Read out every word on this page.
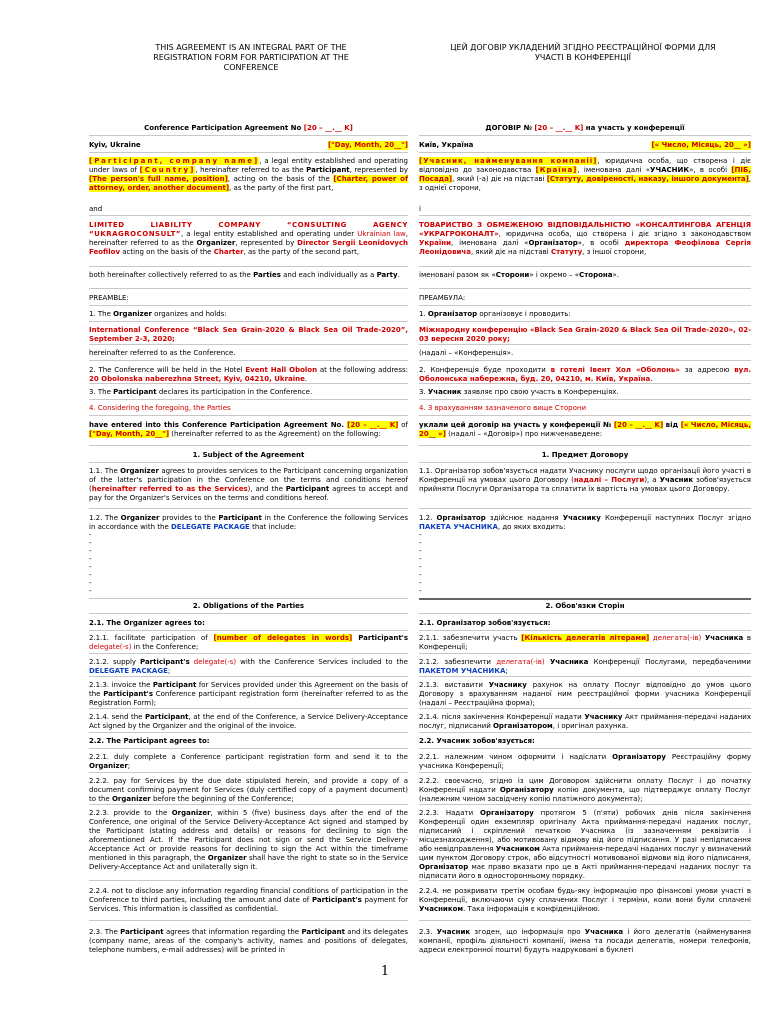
THIS AGREEMENT IS AN INTEGRAL PART OF THE REGISTRATION FORM FOR PARTICIPATION AT THE CONFERENCE
ЦЕЙ ДОГОВІР УКЛАДЕНИЙ ЗГІДНО РЕЄСТРАЦІЙНОЇ ФОРМИ ДЛЯ УЧАСТІ В КОНФЕРЕНЦІЇ
Conference Participation Agreement No [20 – __.__ K]
Kyiv, Ukraine	["Day, Month, 20__"]
[Participant, company name], a legal entity established and operating under laws of [Country], hereinafter referred to as the Participant, represented by [The person's full name, position], acting on the basis of the [Charter, power of attorney, order, another document], as the party of the first part,
and
LIMITED LIABILITY COMPANY “CONSULTING AGENCY “UKRAGROCONSULT”, a legal entity established and operating under Ukrainian law, hereinafter referred to as the Organizer, represented by Director Sergii Leonidovych Feofilov acting on the basis of the Charter, as the party of the second part,
both hereinafter collectively referred to as the Parties and each individually as a Party.
PREAMBLE:
1. The Organizer organizes and holds:
International Conference “Black Sea Grain-2020 & Black Sea Oil Trade-2020”, September 2-3, 2020;
hereinafter referred to as the Conference.
2. The Conference will be held in the Hotel Event Hall Obolon at the following address: 20 Obolonska naberezhna Street, Kyiv, 04210, Ukraine.
3. The Participant declares its participation in the Conference.
4. Considering the foregoing, the Parties
have entered into this Conference Participation Agreement No. [20 – __.__ K] of ["Day, Month, 20__"] (hereinafter referred to as the Agreement) on the following:
1. Subject of the Agreement
1.1. The Organizer agrees to provides services to the Participant concerning organization of the latter's participation in the Conference on the terms and conditions hereof (hereinafter referred to as the Services), and the Participant agrees to accept and pay for the Organizer's Services on the terms and conditions hereof.
1.2. The Organizer provides to the Participant in the Conference the following Services in accordance with the DELEGATE PACKAGE that include:
-
-
-
-
-
-
-
-
2. Obligations of the Parties
2.1. The Organizer agrees to:
2.1.1. facilitate participation of [number of delegates in words] Participant's delegate(-s) in the Conference;
2.1.2. supply Participant's delegate(-s) with the Conference Services included to the DELEGATE PACKAGE;
2.1.3. invoice the Participant for Services provided under this Agreement on the basis of the Participant's Conference participant registration form (hereinafter referred to as the Registration Form);
2.1.4. send the Participant, at the end of the Conference, a Service Delivery-Acceptance Act signed by the Organizer and the original of the invoice.
2.2. The Participant agrees to:
2.2.1. duly complete a Conference participant registration form and send it to the Organizer;
2.2.2. pay for Services by the due date stipulated herein, and provide a copy of a document confirming payment for Services (duly certified copy of a payment document) to the Organizer before the beginning of the Conference;
2.2.3. provide to the Organizer, within 5 (five) business days after the end of the Conference, one original of the Service Delivery-Acceptance Act signed and stamped by the Participant (stating address and details) or reasons for declining to sign the aforementioned Act. If the Participant does not sign or send the Service Delivery-Acceptance Act or provide reasons for declining to sign the Act within the timeframe mentioned in this paragraph, the Organizer shall have the right to state so in the Service Delivery-Acceptance Act and unilaterally sign it.
2.2.4. not to disclose any information regarding financial conditions of participation in the Conference to third parties, including the amount and date of Participant's payment for Services. This information is classified as confidential.
2.3. The Participant agrees that information regarding the Participant and its delegates (company name, areas of the company's activity, names and positions of delegates, telephone numbers, e-mail addresses) will be printed in
ДОГОВІР № [20 – __.__ K] на участь у конференції
Київ, Україна	[« Число, Місяць, 20__ »]
[Учасник, найменування компанії], юридична особа, що створена і діє відповідно до законодавства [Країна], іменована далі «УЧАСНИК», в особі [ПІБ, Посада], який (-а) діє на підставі [Статуту, довіреності, наказу, іншого документа], з однієї сторони,
і
ТОВАРИСТВО З ОБМЕЖЕНОЮ ВІДПОВІДАЛЬНІСТЮ «КОНСАЛТИНГОВА АГЕНЦІЯ «УКРАГРОКОНАЛТ», юридична особа, що створена і діє згідно з законодавством України, іменована далі «Організатор», в особі директора Феофілова Сергія Леонідовича, який діє на підставі Статуту, з іншої сторони,
іменовані разом як «Сторони» і окремо – «Сторона».
ПРЕАМБУЛА:
1. Організатор організовує і проводить:
Міжнародну конференцію «Black Sea Grain-2020 & Black Sea Oil Trade-2020», 02-03 вересня 2020 року;
(надалі – «Конференція».
2. Конференція буде проходити в готелі Івент Хол «Оболонь» за адресою вул. Оболонська набережна, буд. 20, 04210, м. Київ, Україна.
3. Учасник заявляє про свою участь в Конференціях.
4. З врахуванням зазначеного вище Сторони
уклали цей договір на участь у конференції № [20 – __.__ K] від [« Число, Місяць, 20__ »] (надалі – «Договір») про нижченаведене:
1. Предмет Договору
1.1. Організатор зобов'язується надати Учаснику послуги щодо організації його участі в Конференції на умовах цього Договору (надалі – Послуги), а Учасник зобов'язується прийняти Послуги Організатора та сплатити їх вартість на умовах цього Договору.
1.2. Організатор здійснює надання Учаснику Конференції наступних Послуг згідно ПАКЕТА УЧАСНИКА, до яких входить:
-
-
-
-
-
-
-
-
2. Обов'язки Сторін
2.1. Організатор зобов'язується:
2.1.1. забезпечити участь [Кількість делегатів літерами] делегата(-ів) Учасника в Конференції;
2.1.2. забезпечити делегата(-ів) Учасника Конференції Послугами, передбаченими ПАКЕТОМ УЧАСНИКА;
2.1.3. виставити Учаснику рахунок на оплату Послуг відповідно до умов цього Договору з врахуванням наданої ним реєстраційної форми учасника Конференції (надалі – Реєстраційна форма);
2.1.4. після закінчення Конференції надати Учаснику Акт приймання-передачі наданих послуг, підписаний Організатором, і оригінал рахунка.
2.2. Учасник зобов'язується:
2.2.1. належним чином оформити і надіслати Організатору Реєстраційну форму учасника Конференції;
2.2.2. своєчасно, згідно із цим Договором здійснити оплату Послуг і до початку Конференції надати Організатору копію документа, що підтверджує оплату Послуг (належним чином засвідчену копію платіжного документа);
2.2.3. Надати Організатору протягом 5 (п'яти) робочих днів після закінчення Конференції один екземпляр оригіналу Акта приймання-передачі наданих послуг, підписаний і скріплений печаткою Учасника (із зазначенням реквізитів і місцезнаходження), або мотивовану відмову від його підписання. У разі непідписання або невідправлення Учасником Акта приймання-передачі наданих послуг у визначений цим пунктом Договору строк, або відсутності мотивованої відмови від його підписання, Організатор має право вказати про це в Акті приймання-передачі наданих послуг та підписати його в односторонньому порядку.
2.2.4. не розкривати третім особам будь-яку інформацію про фінансові умови участі в Конференції, включаючи суму сплачених Послуг і терміни, коли вони були сплачені Учасником. Така інформація є конфіденційною.
2.3. Учасник згоден, що інформація про Учасника і його делегатів (найменування компанії, профіль діяльності компанії, імена та посади делегатів, номери телефонів, адреси електронної пошти) будуть надруковані в буклеті
1
